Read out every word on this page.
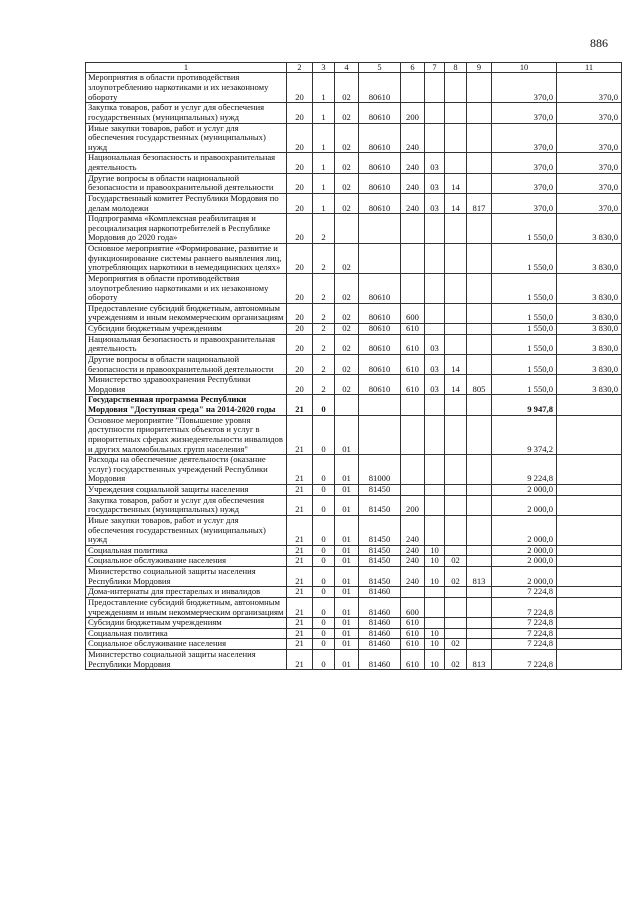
886
1	2	3	4	5	6	7	8	9	10	11
Мероприятия в области противодействия злоупотреблению наркотиками и их незаконному обороту	20	1	02	80610					370,0	370,0
Закупка товаров, работ и услуг для обеспечения государственных (муниципальных) нужд	20	1	02	80610	200				370,0	370,0
Иные закупки товаров, работ и услуг для обеспечения государственных (муниципальных) нужд	20	1	02	80610	240				370,0	370,0
Национальная безопасность и правоохранительная деятельность	20	1	02	80610	240	03			370,0	370,0
Другие вопросы в области национальной безопасности и правоохранительной деятельности	20	1	02	80610	240	03	14		370,0	370,0
Государственный комитет Республики Мордовия по делам молодежи	20	1	02	80610	240	03	14	817	370,0	370,0
Подпрограмма «Комплексная реабилитация и ресоциализация наркопотребителей в Республике Мордовия до 2020 года»	20	2							1 550,0	3 830,0
Основное мероприятие «Формирование, развитие и функционирование системы раннего выявления лиц, употребляющих наркотики в немедицинских целях»	20	2	02						1 550,0	3 830,0
Мероприятия в области противодействия злоупотреблению наркотиками и их незаконному обороту	20	2	02	80610					1 550,0	3 830,0
Предоставление субсидий бюджетным, автономным учреждениям и иным некоммерческим организациям	20	2	02	80610	600				1 550,0	3 830,0
Субсидии бюджетным учреждениям	20	2	02	80610	610				1 550,0	3 830,0
Национальная безопасность и правоохранительная деятельность	20	2	02	80610	610	03			1 550,0	3 830,0
Другие вопросы в области национальной безопасности и правоохранительной деятельности	20	2	02	80610	610	03	14		1 550,0	3 830,0
Министерство здравоохранения Республики Мордовия	20	2	02	80610	610	03	14	805	1 550,0	3 830,0
Государственная программа Республики Мордовия "Доступная среда" на 2014-2020 годы	21	0							9 947,8	
Основное мероприятие "Повышение уровня доступности приоритетных объектов и услуг в приоритетных сферах жизнедеятельности инвалидов и других маломобильных групп населения"	21	0	01						9 374,2	
Расходы на обеспечение деятельности (оказание услуг) государственных учреждений Республики Мордовия	21	0	01	81000					9 224,8	
Учреждения социальной защиты населения	21	0	01	81450					2 000,0	
Закупка товаров, работ и услуг для обеспечения государственных (муниципальных) нужд	21	0	01	81450	200				2 000,0	
Иные закупки товаров, работ и услуг для обеспечения государственных (муниципальных) нужд	21	0	01	81450	240				2 000,0	
Социальная политика	21	0	01	81450	240	10			2 000,0	
Социальное обслуживание населения	21	0	01	81450	240	10	02		2 000,0	
Министерство социальной защиты населения Республики Мордовия	21	0	01	81450	240	10	02	813	2 000,0	
Дома-интернаты для престарелых и инвалидов	21	0	01	81460					7 224,8	
Предоставление субсидий бюджетным, автономным учреждениям и иным некоммерческим организациям	21	0	01	81460	600				7 224,8	
Субсидии бюджетным учреждениям	21	0	01	81460	610				7 224,8	
Социальная политика	21	0	01	81460	610	10			7 224,8	
Социальное обслуживание населения	21	0	01	81460	610	10	02		7 224,8	
Министерство социальной защиты населения Республики Мордовия	21	0	01	81460	610	10	02	813	7 224,8	
